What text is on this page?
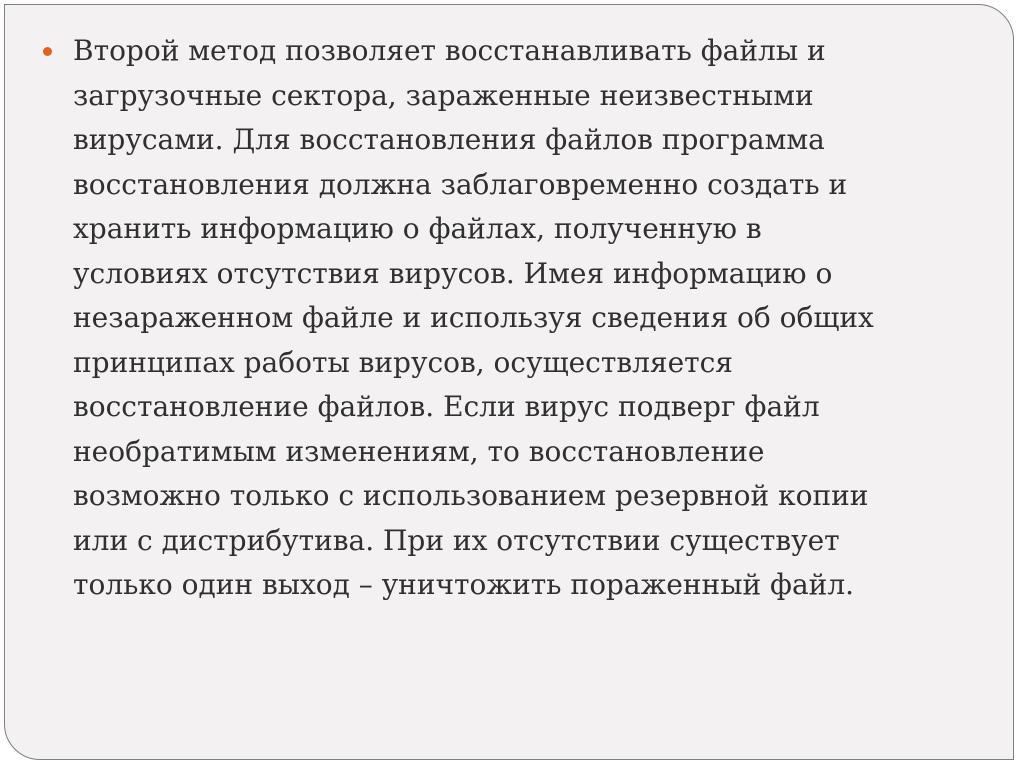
Второй метод позволяет восстанавливать файлы и
загрузочные сектора, зараженные неизвестными
вирусами. Для восстановления файлов программа
восстановления должна заблаговременно создать и
хранить информацию о файлах, полученную в
условиях отсутствия вирусов. Имея информацию о
незараженном файле и используя сведения об общих
принципах работы вирусов, осуществляется
восстановление файлов. Если вирус подверг файл
необратимым изменениям, то восстановление
возможно только с использованием резервной копии
или с дистрибутива. При их отсутствии существует
только один выход – уничтожить пораженный файл.
